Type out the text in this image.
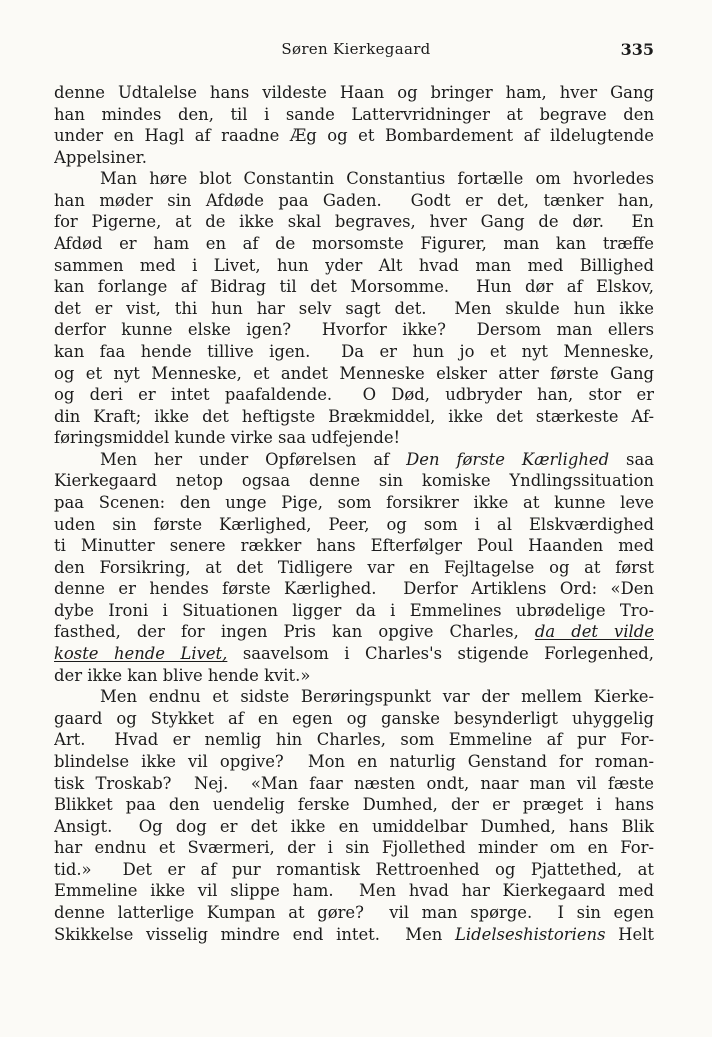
Søren Kierkegaard	335
denne Udtalelse hans vildeste Haan og bringer ham, hver Gang
han mindes den, til i sande Lattervridninger at begrave den
under en Hagl af raadne Æg og et Bombardement af ildelugtende
Appelsiner.
Man høre blot Constantin Constantius fortælle om hvorledes
han møder sin Afdøde paa Gaden.  Godt er det, tænker han,
for Pigerne, at de ikke skal begraves, hver Gang de dør.  En
Afdød er ham en af de morsomste Figurer, man kan træffe
sammen med i Livet, hun yder Alt hvad man med Billighed
kan forlange af Bidrag til det Morsomme.  Hun dør af Elskov,
det er vist, thi hun har selv sagt det.  Men skulde hun ikke
derfor kunne elske igen?  Hvorfor ikke?  Dersom man ellers
kan faa hende tillive igen.  Da er hun jo et nyt Menneske,
og et nyt Menneske, et andet Menneske elsker atter første Gang
og deri er intet paafaldende.  O Død, udbryder han, stor er
din Kraft; ikke det heftigste Brækmiddel, ikke det stærkeste Af-
føringsmiddel kunde virke saa udfejende!
Men her under Opførelsen af Den første Kærlighed saa
Kierkegaard netop ogsaa denne sin komiske Yndlingssituation
paa Scenen: den unge Pige, som forsikrer ikke at kunne leve
uden sin første Kærlighed, Peer, og som i al Elskværdighed
ti Minutter senere rækker hans Efterfølger Poul Haanden med
den Forsikring, at det Tidligere var en Fejltagelse og at først
denne er hendes første Kærlighed.  Derfor Artiklens Ord: «Den
dybe Ironi i Situationen ligger da i Emmelines ubrødelige Tro-
fasthed, der for ingen Pris kan opgive Charles, da det vilde
koste hende Livet, saavelsom i Charles's stigende Forlegenhed,
der ikke kan blive hende kvit.»
Men endnu et sidste Berøringspunkt var der mellem Kierke-
gaard og Stykket af en egen og ganske besynderligt uhyggelig
Art.  Hvad er nemlig hin Charles, som Emmeline af pur For-
blindelse ikke vil opgive?  Mon en naturlig Genstand for roman-
tisk Troskab?  Nej.  «Man faar næsten ondt, naar man vil fæste
Blikket paa den uendelig ferske Dumhed, der er præget i hans
Ansigt.  Og dog er det ikke en umiddelbar Dumhed, hans Blik
har endnu et Sværmeri, der i sin Fjollethed minder om en For-
tid.»  Det er af pur romantisk Rettroenhed og Pjattethed, at
Emmeline ikke vil slippe ham.  Men hvad har Kierkegaard med
denne latterlige Kumpan at gøre?  vil man spørge.  I sin egen
Skikkelse visselig mindre end intet.  Men Lidelseshistoriens Helt
